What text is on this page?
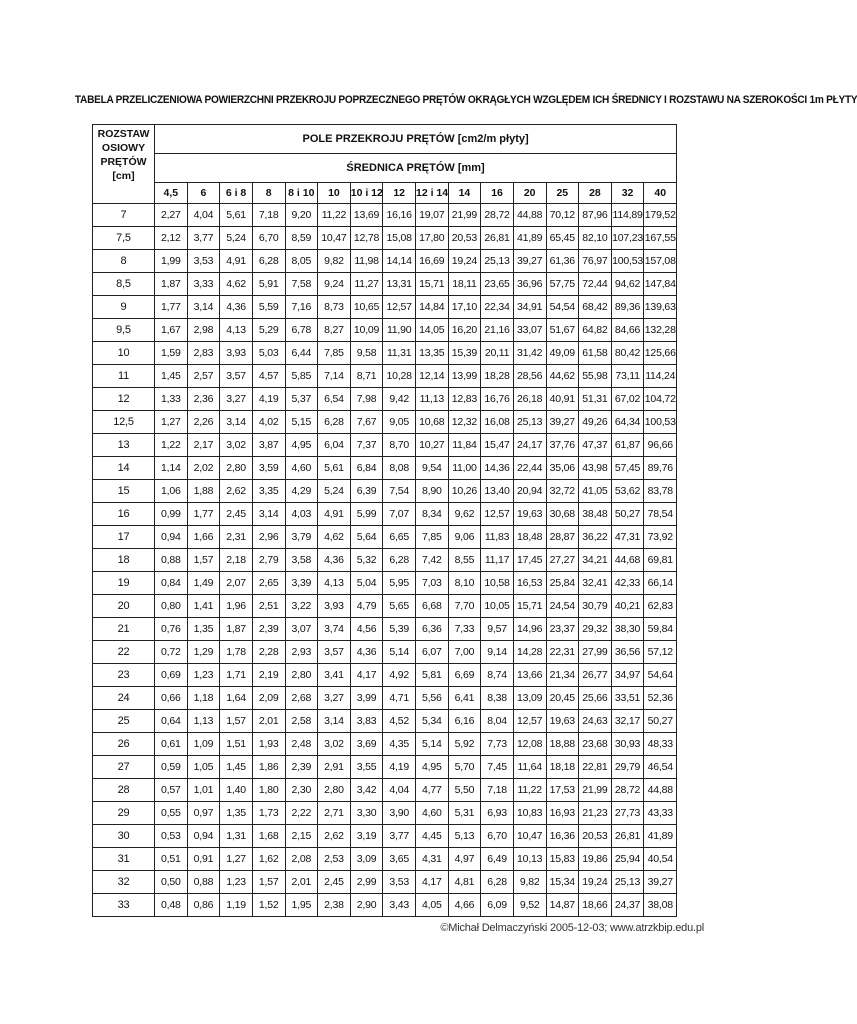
TABELA PRZELICZENIOWA POWIERZCHNI PRZEKROJU POPRZECZNEGO PRĘTÓW OKRĄGŁYCH WZGLĘDEM ICH ŚREDNICY I ROZSTAWU NA SZEROKOŚCI 1m PŁYTY
ROZSTAW
OSIOWY
PRĘTÓW
[cm]	POLE PRZEKROJU PRĘTÓW [cm2/m płyty]															
	ŚREDNICA PRĘTÓW [mm]															
	4,5	6	6 i 8	8	8 i 10	10	10 i 12	12	12 i 14	14	16	20	25	28	32	40
7	2,27	4,04	5,61	7,18	9,20	11,22	13,69	16,16	19,07	21,99	28,72	44,88	70,12	87,96	114,89	179,52
7,5	2,12	3,77	5,24	6,70	8,59	10,47	12,78	15,08	17,80	20,53	26,81	41,89	65,45	82,10	107,23	167,55
8	1,99	3,53	4,91	6,28	8,05	9,82	11,98	14,14	16,69	19,24	25,13	39,27	61,36	76,97	100,53	157,08
8,5	1,87	3,33	4,62	5,91	7,58	9,24	11,27	13,31	15,71	18,11	23,65	36,96	57,75	72,44	94,62	147,84
9	1,77	3,14	4,36	5,59	7,16	8,73	10,65	12,57	14,84	17,10	22,34	34,91	54,54	68,42	89,36	139,63
9,5	1,67	2,98	4,13	5,29	6,78	8,27	10,09	11,90	14,05	16,20	21,16	33,07	51,67	64,82	84,66	132,28
10	1,59	2,83	3,93	5,03	6,44	7,85	9,58	11,31	13,35	15,39	20,11	31,42	49,09	61,58	80,42	125,66
11	1,45	2,57	3,57	4,57	5,85	7,14	8,71	10,28	12,14	13,99	18,28	28,56	44,62	55,98	73,11	114,24
12	1,33	2,36	3,27	4,19	5,37	6,54	7,98	9,42	11,13	12,83	16,76	26,18	40,91	51,31	67,02	104,72
12,5	1,27	2,26	3,14	4,02	5,15	6,28	7,67	9,05	10,68	12,32	16,08	25,13	39,27	49,26	64,34	100,53
13	1,22	2,17	3,02	3,87	4,95	6,04	7,37	8,70	10,27	11,84	15,47	24,17	37,76	47,37	61,87	96,66
14	1,14	2,02	2,80	3,59	4,60	5,61	6,84	8,08	9,54	11,00	14,36	22,44	35,06	43,98	57,45	89,76
15	1,06	1,88	2,62	3,35	4,29	5,24	6,39	7,54	8,90	10,26	13,40	20,94	32,72	41,05	53,62	83,78
16	0,99	1,77	2,45	3,14	4,03	4,91	5,99	7,07	8,34	9,62	12,57	19,63	30,68	38,48	50,27	78,54
17	0,94	1,66	2,31	2,96	3,79	4,62	5,64	6,65	7,85	9,06	11,83	18,48	28,87	36,22	47,31	73,92
18	0,88	1,57	2,18	2,79	3,58	4,36	5,32	6,28	7,42	8,55	11,17	17,45	27,27	34,21	44,68	69,81
19	0,84	1,49	2,07	2,65	3,39	4,13	5,04	5,95	7,03	8,10	10,58	16,53	25,84	32,41	42,33	66,14
20	0,80	1,41	1,96	2,51	3,22	3,93	4,79	5,65	6,68	7,70	10,05	15,71	24,54	30,79	40,21	62,83
21	0,76	1,35	1,87	2,39	3,07	3,74	4,56	5,39	6,36	7,33	9,57	14,96	23,37	29,32	38,30	59,84
22	0,72	1,29	1,78	2,28	2,93	3,57	4,36	5,14	6,07	7,00	9,14	14,28	22,31	27,99	36,56	57,12
23	0,69	1,23	1,71	2,19	2,80	3,41	4,17	4,92	5,81	6,69	8,74	13,66	21,34	26,77	34,97	54,64
24	0,66	1,18	1,64	2,09	2,68	3,27	3,99	4,71	5,56	6,41	8,38	13,09	20,45	25,66	33,51	52,36
25	0,64	1,13	1,57	2,01	2,58	3,14	3,83	4,52	5,34	6,16	8,04	12,57	19,63	24,63	32,17	50,27
26	0,61	1,09	1,51	1,93	2,48	3,02	3,69	4,35	5,14	5,92	7,73	12,08	18,88	23,68	30,93	48,33
27	0,59	1,05	1,45	1,86	2,39	2,91	3,55	4,19	4,95	5,70	7,45	11,64	18,18	22,81	29,79	46,54
28	0,57	1,01	1,40	1,80	2,30	2,80	3,42	4,04	4,77	5,50	7,18	11,22	17,53	21,99	28,72	44,88
29	0,55	0,97	1,35	1,73	2,22	2,71	3,30	3,90	4,60	5,31	6,93	10,83	16,93	21,23	27,73	43,33
30	0,53	0,94	1,31	1,68	2,15	2,62	3,19	3,77	4,45	5,13	6,70	10,47	16,36	20,53	26,81	41,89
31	0,51	0,91	1,27	1,62	2,08	2,53	3,09	3,65	4,31	4,97	6,49	10,13	15,83	19,86	25,94	40,54
32	0,50	0,88	1,23	1,57	2,01	2,45	2,99	3,53	4,17	4,81	6,28	9,82	15,34	19,24	25,13	39,27
33	0,48	0,86	1,19	1,52	1,95	2,38	2,90	3,43	4,05	4,66	6,09	9,52	14,87	18,66	24,37	38,08
©Michał Delmaczyński 2005-12-03; www.atrzkbip.edu.pl
